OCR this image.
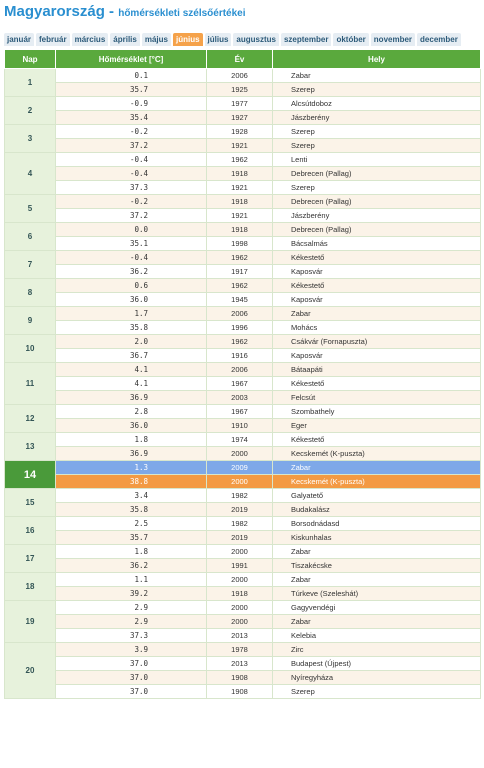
Magyarország - hőmérsékleti szélsőértékei
január	február	március	április	május	június	július	augusztus	szeptember	október	november	december
Nap	Hőmérséklet [°C]	Év	Hely
1	0.1	2006	Zabar
	35.7	1925	Szerep
2	-0.9	1977	Alcsútdoboz
	35.4	1927	Jászberény
3	-0.2	1928	Szerep
	37.2	1921	Szerep
4	-0.4	1962	Lenti
	-0.4	1918	Debrecen (Pallag)
	37.3	1921	Szerep
5	-0.2	1918	Debrecen (Pallag)
	37.2	1921	Jászberény
6	0.0	1918	Debrecen (Pallag)
	35.1	1998	Bácsalmás
7	-0.4	1962	Kékestető
	36.2	1917	Kaposvár
8	0.6	1962	Kékestető
	36.0	1945	Kaposvár
9	1.7	2006	Zabar
	35.8	1996	Mohács
10	2.0	1962	Csákvár (Fornapuszta)
	36.7	1916	Kaposvár
11	4.1	2006	Bátaapáti
	4.1	1967	Kékestető
	36.9	2003	Felcsút
12	2.8	1967	Szombathely
	36.0	1910	Eger
13	1.8	1974	Kékestető
	36.9	2000	Kecskemét (K-puszta)
14	1.3	2009	Zabar
	38.8	2000	Kecskemét (K-puszta)
15	3.4	1982	Galyatető
	35.8	2019	Budakalász
16	2.5	1982	Borsodnádasd
	35.7	2019	Kiskunhalas
17	1.8	2000	Zabar
	36.2	1991	Tiszakécske
18	1.1	2000	Zabar
	39.2	1918	Túrkeve (Szeleshát)
19	2.9	2000	Gagyvendégi
	2.9	2000	Zabar
	37.3	2013	Kelebia
20	3.9	1978	Zirc
	37.0	2013	Budapest (Újpest)
	37.0	1908	Nyíregyháza
	37.0	1908	Szerep
